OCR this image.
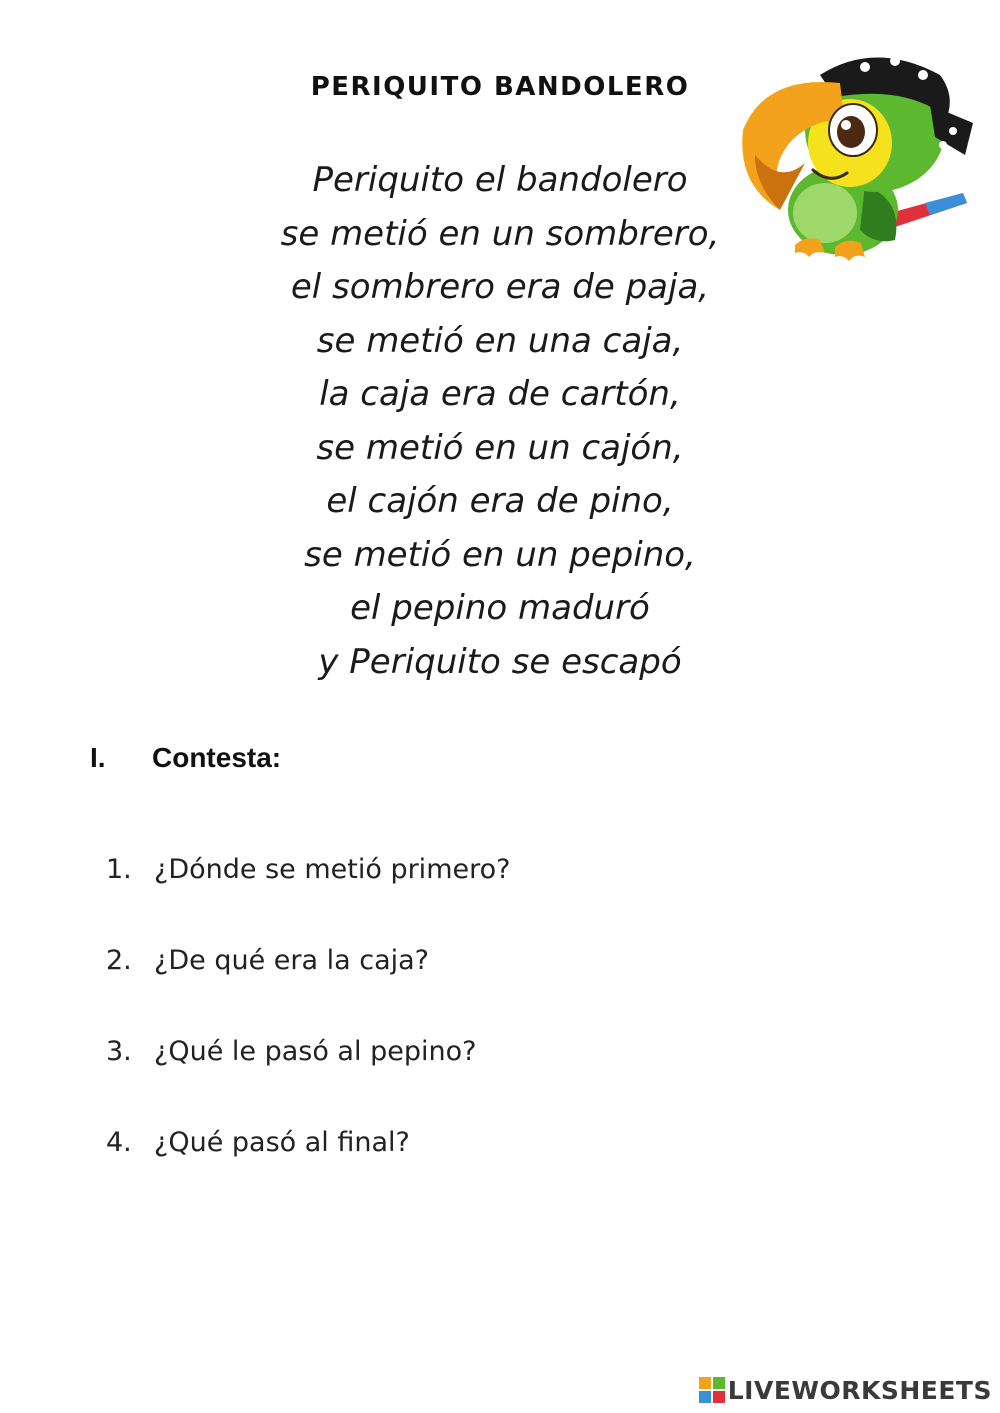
PERIQUITO BANDOLERO
Periquito el bandolero
se metió en un sombrero,
el sombrero era de paja,
se metió en una caja,
la caja era de cartón,
se metió en un cajón,
el cajón era de pino,
se metió en un pepino,
el pepino maduró
y Periquito se escapó
I. Contesta:
1. ¿Dónde se metió primero?
2. ¿De qué era la caja?
3. ¿Qué le pasó al pepino?
4. ¿Qué pasó al final?
LIVEWORKSHEETS
